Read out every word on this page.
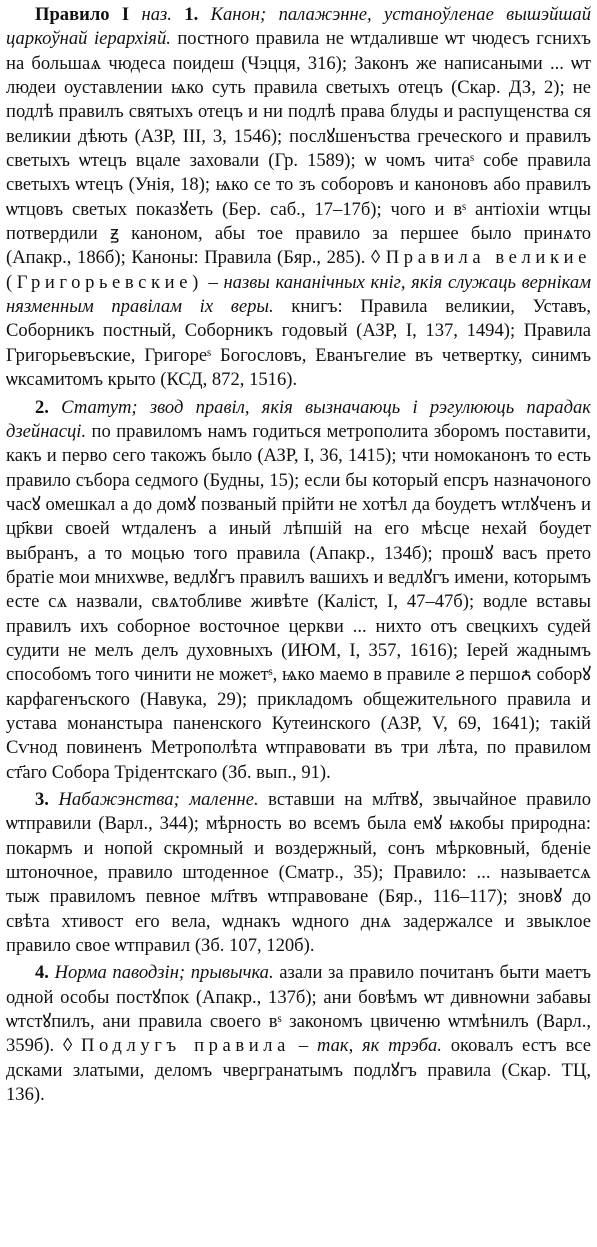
Правило I наз. 1. Канон; палажэнне, устаноўленае вышэйшай царкоўнай іерархіяй. постного правила не ѡтдаливше ѡт чюдесъ гсниxъ на большаѧ чюдеса поидеш (Чэцця, 316); Законъ же написаными ... ѡт людеи оуставлении ѩко суть правила светыхъ отецъ (Скар. ДЗ, 2); не подлѣ правилъ святыхъ отецъ и ни подлѣ права блуды и распущенства ся великии дѣють (АЗР, ІІІ, 3, 1546); послꙋшенъства греческого и правилъ светыхъ ѡтецъ вцале заховали (Гр. 1589); ѡ чомъ читаˢ собе правила светыхъ ѡтецъ (Унія, 18); ѩко се то зъ соборовъ и каноновъ або правилъ ѡтцовъ светых показꙋеть (Бер. саб., 17–17б); чого и вˢ антіохіи ѡтцы потвердили ꙃ каноном, абы тое правило за першее было принѧто (Апакр., 186б); Каноны: Правила (Бяр., 285). ◊ Правила великие (Григорьевские) – назвы кананічных кніг, якія служаць вернікам нязменным правілам іх веры. книгъ: Правила великии, Уставъ, Соборникъ постный, Соборникъ годовый (АЗР, І, 137, 1494); Правила Григорьевъские, Григореˢ Богословъ, Еванъгелие въ четвертку, синимъ ѡксамитомъ крыто (КСД, 872, 1516).

2. Статут; звод правіл, якія вызначаюць і рэгулююць парадак дзейнасці. по правиломъ намъ годиться метрополита зборомъ поставити, какъ и перво сего такожъ было (АЗР, І, 36, 1415); чти номоканонъ то есть правило събора седмого (Будны, 15); если бы который епсръ назначоного часꙋ омешкал а до домꙋ позваный прійти не хотѣл да боудетъ ѡтлꙋченъ и цр҃кви своей ѡтдаленъ а иный лѣпшій на его мѣсце нехай боудет выбранъ, а то моцью того правила (Апакр., 134б); прошꙋ васъ прето братіе мои мнихѡве, ведлꙋгъ правилъ вашихъ и ведлꙋгъ имени, которымъ есте сѧ назвали, свѧтобливе живѣте (Каліст, І, 47–47б); водле вставы правилъ ихъ соборное восточное церкви ... нихто отъ свецкихъ судей судити не мелъ делъ духовныхъ (ИЮМ, І, 357, 1616); Іерей жаднымъ способомъ того чинити не можетˢ, ѩко маемо в правиле ꙅ першоꙉ соборꙋ карфагенъского (Навука, 29); прикладомъ общежительного правила и устава монанстыра паненского Кутеинского (АЗР, V, 69, 1641); такій Сѵнод повиненъ Метрополѣта ѡтправовати въ три лѣта, по правилом ст҃аго Собора Трідентскаго (Зб. вып., 91).

3. Набажэнствa; маленне. вставши на мл҃твꙋ, звычайное правило ѡтправили (Варл., 344); мѣрность во всемъ была емꙋ ѩкобы природна: покармъ и нопой скромный и воздержный, сонъ мѣрковный, бденіе штоночное, правило штоденное (Сматр., 35); Правило: ... называетсѧ тыж правиломъ певное мл҃твъ ѡтправоване (Бяр., 116–117); зновꙋ до свѣта хтивост его вела, ѡднакъ ѡдного днѧ задержалсе и звыклое правило свое ѡтправил (Зб. 107, 120б).

4. Норма паводзін; прывычка. азали за правило почитанъ быти маетъ одной особы постꙋпок (Апакр., 137б); ани бовѣмъ ѡт дивноѡни забавы ѡтстꙋпилъ, ани правила своего вˢ закономъ цвиченю ѡтмѣнилъ (Варл., 359б). ◊ Подлугъ правила – так, як трэба. оковалъ естъ все дсками златыми, деломъ чвергранатымъ подлꙋгъ правила (Скар. ТЦ, 136).
